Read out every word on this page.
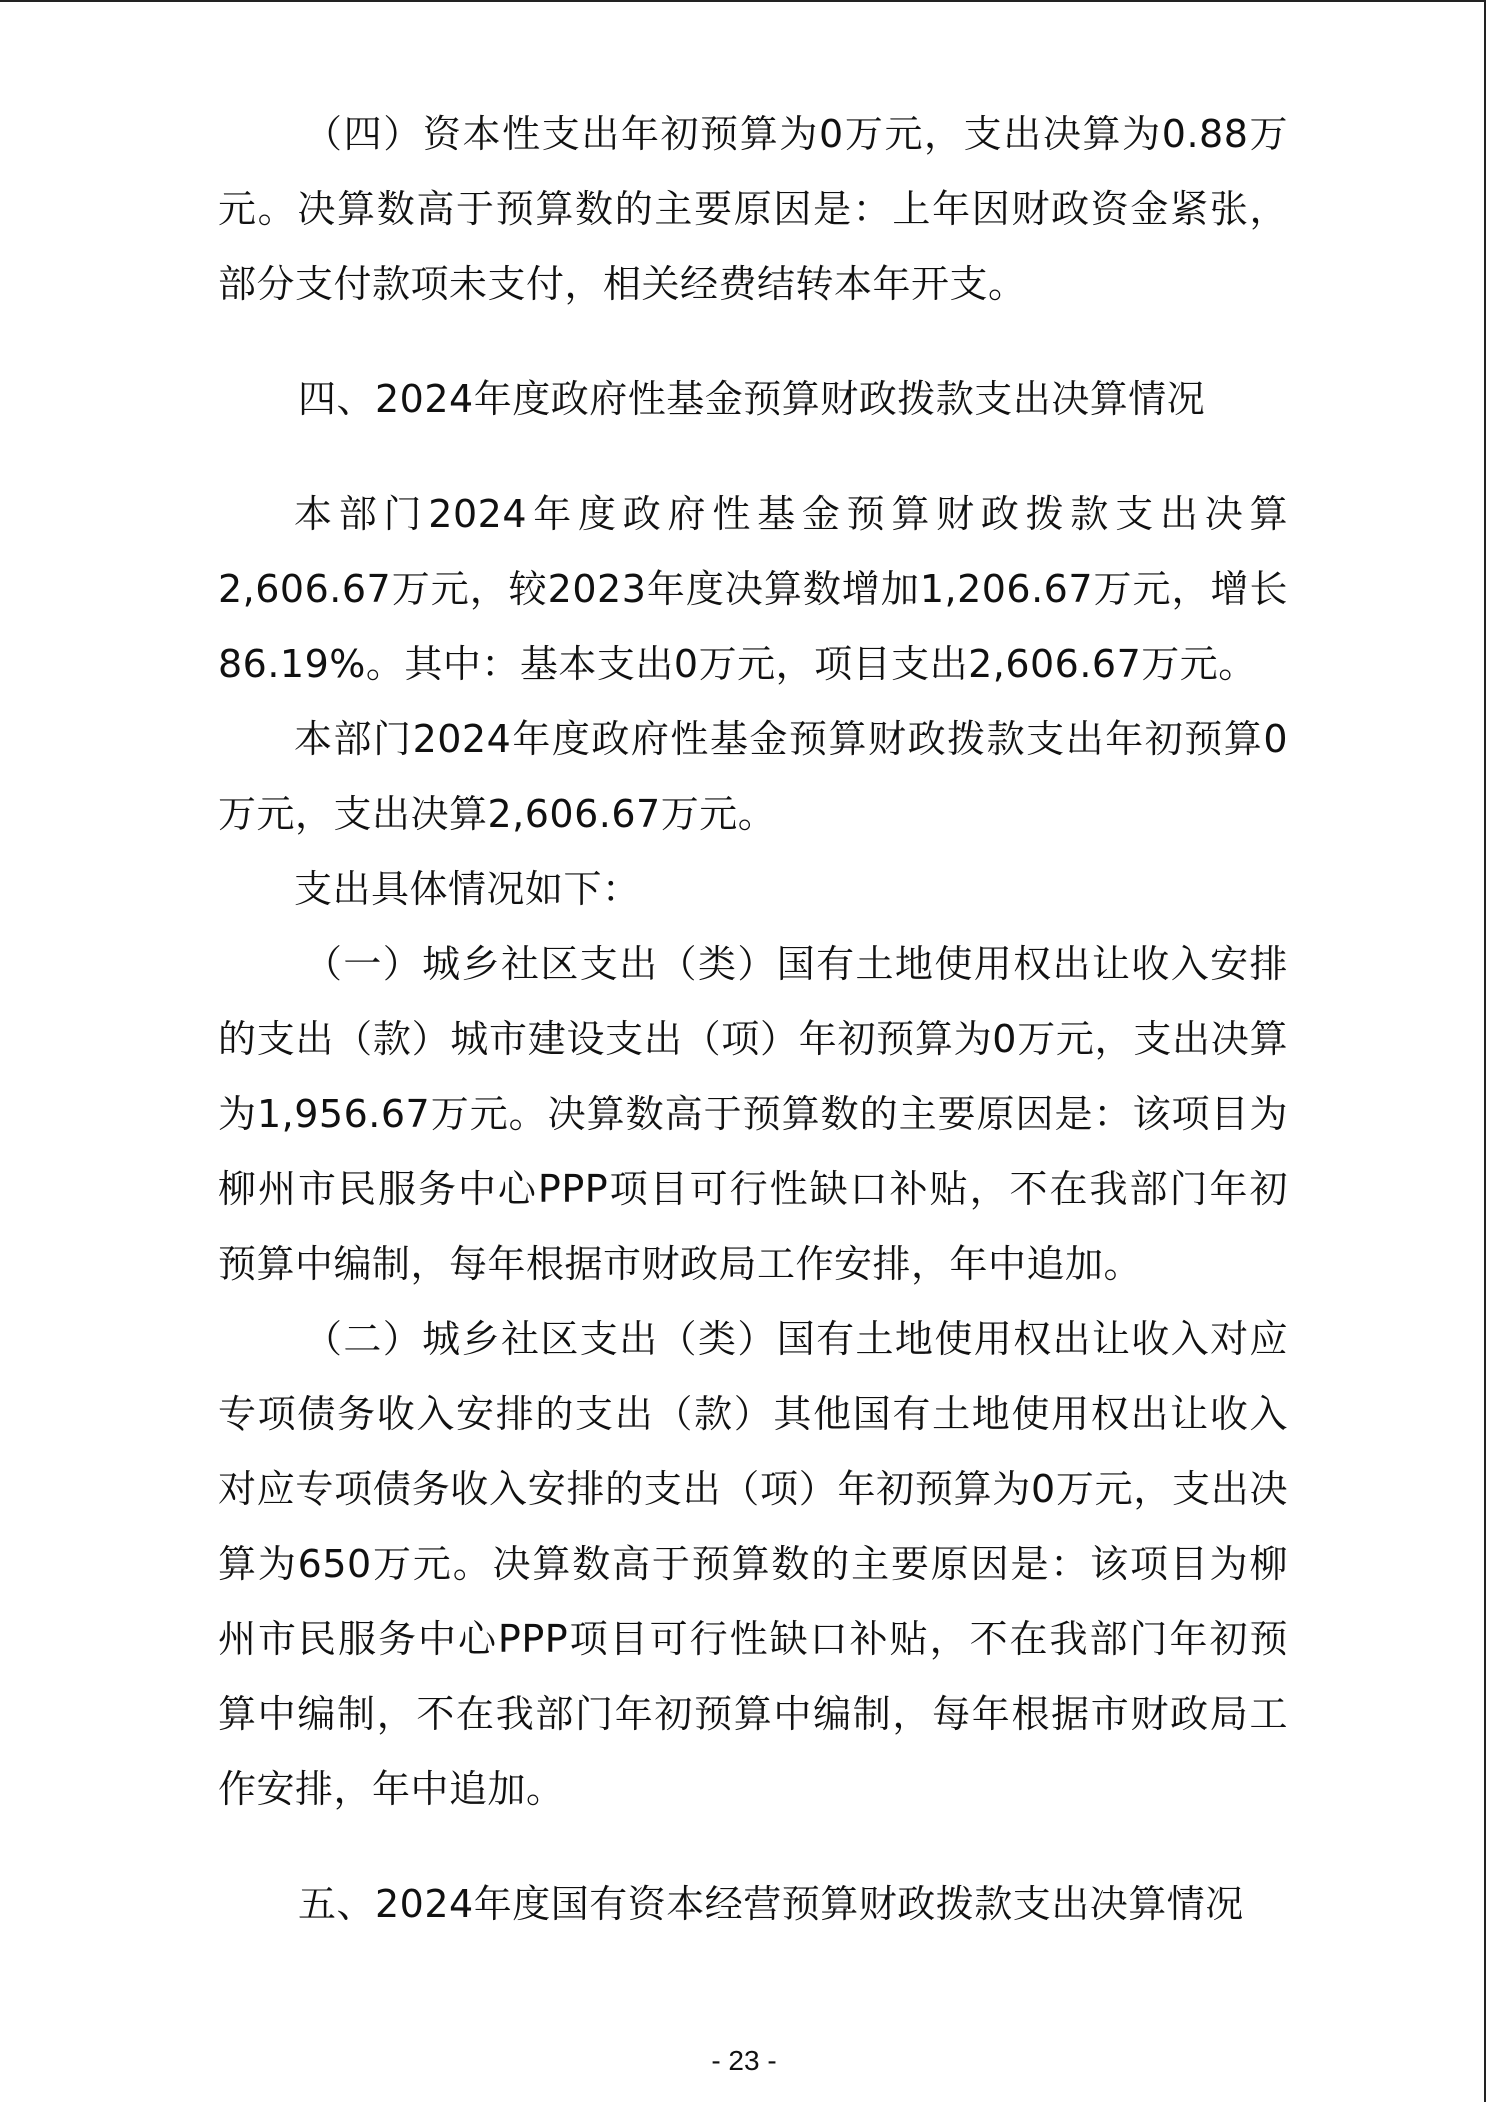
（四）资本性支出年初预算为0万元，支出决算为0.88万元。决算数高于预算数的主要原因是：上年因财政资金紧张，部分支付款项未支付，相关经费结转本年开支。

四、2024年度政府性基金预算财政拨款支出决算情况

本部门2024年度政府性基金预算财政拨款支出决算2,606.67万元，较2023年度决算数增加1,206.67万元，增长86.19%。其中：基本支出0万元，项目支出2,606.67万元。

本部门2024年度政府性基金预算财政拨款支出年初预算0万元，支出决算2,606.67万元。

支出具体情况如下：

（一）城乡社区支出（类）国有土地使用权出让收入安排的支出（款）城市建设支出（项）年初预算为0万元，支出决算为1,956.67万元。决算数高于预算数的主要原因是：该项目为柳州市民服务中心PPP项目可行性缺口补贴，不在我部门年初预算中编制，每年根据市财政局工作安排，年中追加。

（二）城乡社区支出（类）国有土地使用权出让收入对应专项债务收入安排的支出（款）其他国有土地使用权出让收入对应专项债务收入安排的支出（项）年初预算为0万元，支出决算为650万元。决算数高于预算数的主要原因是：该项目为柳州市民服务中心PPP项目可行性缺口补贴，不在我部门年初预算中编制，不在我部门年初预算中编制，每年根据市财政局工作安排，年中追加。

五、2024年度国有资本经营预算财政拨款支出决算情况

- 23 -
